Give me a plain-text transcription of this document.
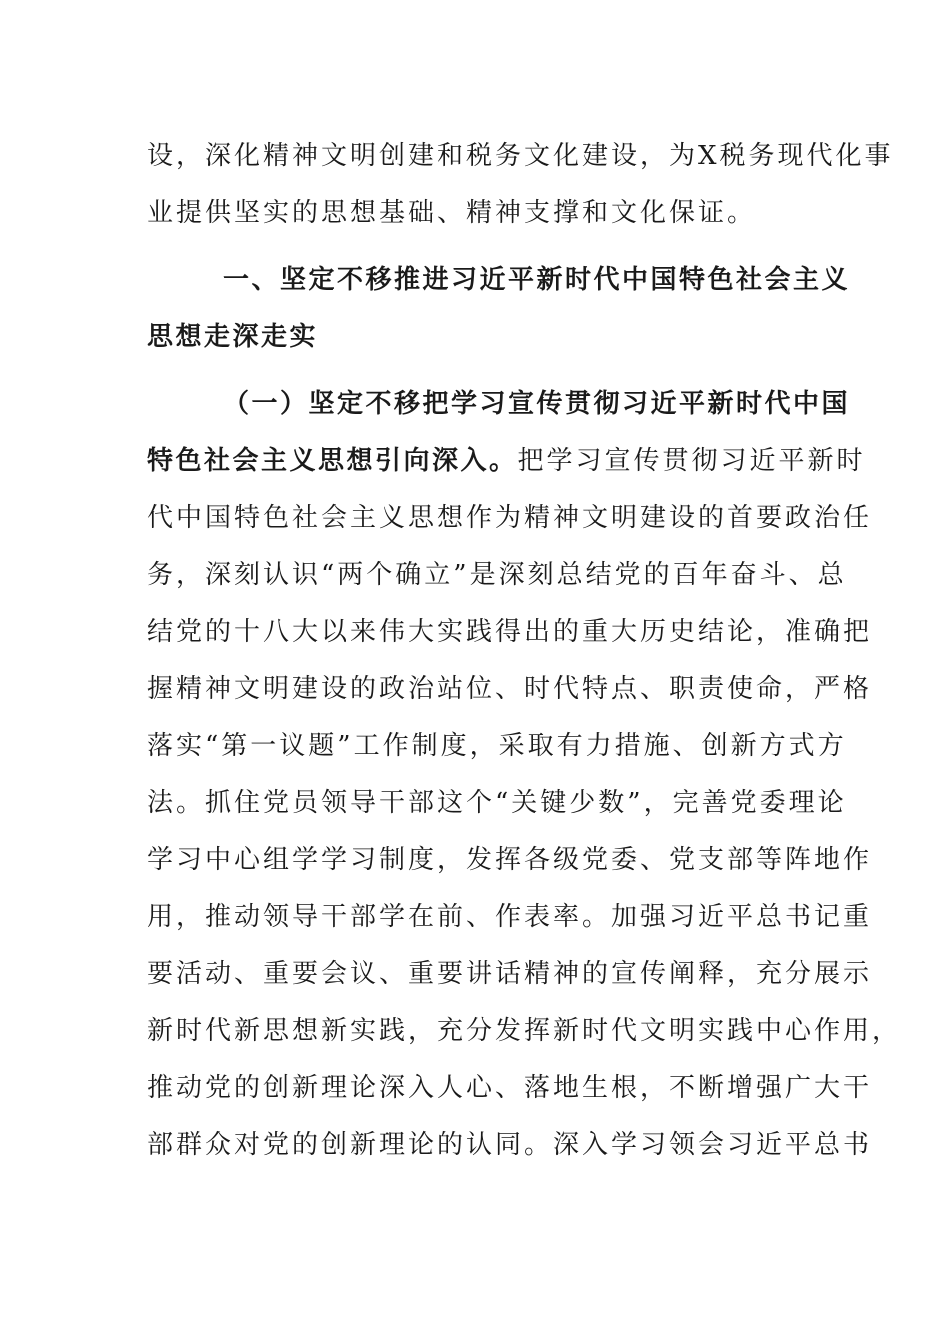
设，深化精神文明创建和税务文化建设，为X税务现代化事
业提供坚实的思想基础、精神支撑和文化保证。
一、坚定不移推进习近平新时代中国特色社会主义
思想走深走实
（一）坚定不移把学习宣传贯彻习近平新时代中国
特色社会主义思想引向深入。把学习宣传贯彻习近平新时
代中国特色社会主义思想作为精神文明建设的首要政治任
务，深刻认识“两个确立”是深刻总结党的百年奋斗、总
结党的十八大以来伟大实践得出的重大历史结论，准确把
握精神文明建设的政治站位、时代特点、职责使命，严格
落实“第一议题”工作制度，采取有力措施、创新方式方
法。抓住党员领导干部这个“关键少数”，完善党委理论
学习中心组学学习制度，发挥各级党委、党支部等阵地作
用，推动领导干部学在前、作表率。加强习近平总书记重
要活动、重要会议、重要讲话精神的宣传阐释，充分展示
新时代新思想新实践，充分发挥新时代文明实践中心作用，
推动党的创新理论深入人心、落地生根，不断增强广大干
部群众对党的创新理论的认同。深入学习领会习近平总书
